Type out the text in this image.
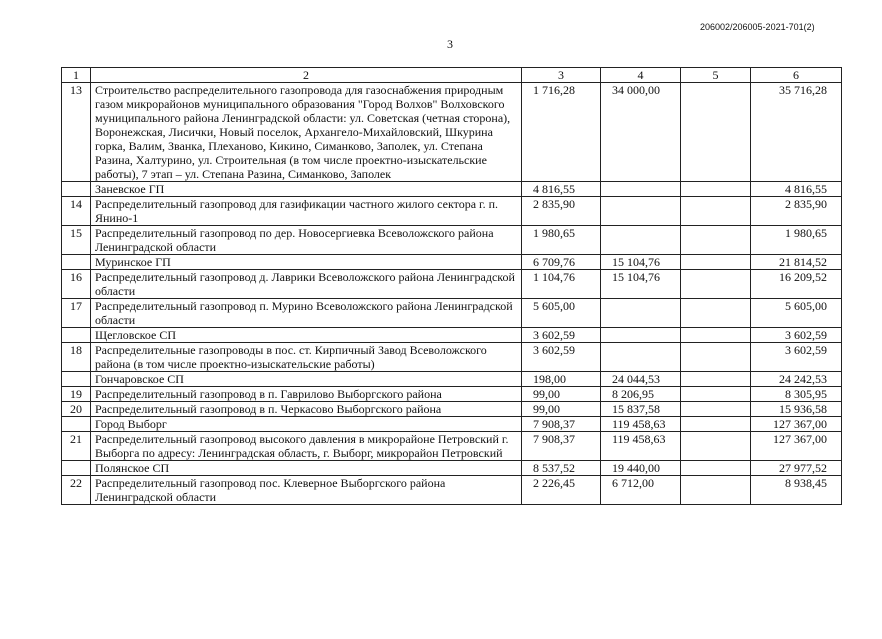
206002/206005-2021-701(2)
3
1	2	3	4	5	6
13	Строительство распределительного газопровода для газоснабжения природным газом микрорайонов муниципального образования "Город Волхов" Волховского муниципального района Ленинградской области: ул. Советская (четная сторона), Воронежская, Лисички, Новый поселок, Архангело-Михайловский, Шкурина горка, Валим, Званка, Плеханово, Кикино, Симанково, Заполек, ул. Степана Разина, Халтурино, ул. Строительная (в том числе проектно-изыскательские работы), 7 этап – ул. Степана Разина, Симанково, Заполек	1 716,28	34 000,00		35 716,28
	Заневское ГП	4 816,55			4 816,55
14	Распределительный газопровод для газификации частного жилого сектора г. п. Янино-1	2 835,90			2 835,90
15	Распределительный газопровод по дер. Новосергиевка Всеволожского района Ленинградской области	1 980,65			1 980,65
	Муринское ГП	6 709,76	15 104,76		21 814,52
16	Распределительный газопровод д. Лаврики Всеволожского района Ленинградской области	1 104,76	15 104,76		16 209,52
17	Распределительный газопровод п. Мурино Всеволожского района Ленинградской области	5 605,00			5 605,00
	Щегловское СП	3 602,59			3 602,59
18	Распределительные газопроводы в пос. ст. Кирпичный Завод Всеволожского района (в том числе проектно-изыскательские работы)	3 602,59			3 602,59
	Гончаровское СП	198,00	24 044,53		24 242,53
19	Распределительный газопровод в п. Гаврилово Выборгского района	99,00	8 206,95		8 305,95
20	Распределительный газопровод в п. Черкасово Выборгского района	99,00	15 837,58		15 936,58
	Город Выборг	7 908,37	119 458,63		127 367,00
21	Распределительный газопровод высокого давления в микрорайоне Петровский г. Выборга по адресу: Ленинградская область, г. Выборг, микрорайон Петровский	7 908,37	119 458,63		127 367,00
	Полянское СП	8 537,52	19 440,00		27 977,52
22	Распределительный газопровод пос. Клеверное Выборгского района Ленинградской области	2 226,45	6 712,00		8 938,45
